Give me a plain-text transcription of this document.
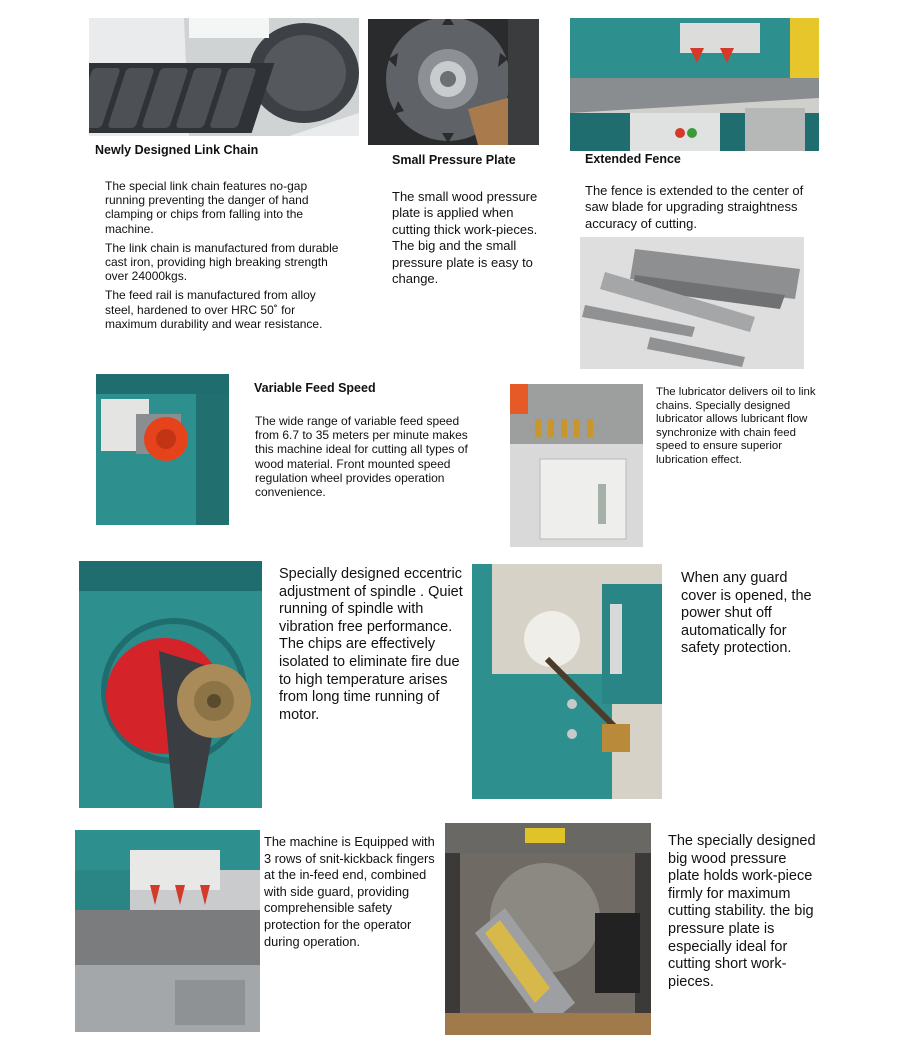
Newly Designed Link Chain

The special link chain features no-gap running preventing the danger of hand clamping or chips from falling into the machine.

The link chain is manufactured from durable cast iron, providing high breaking strength over 24000kgs.

The feed rail is manufactured from alloy steel, hardened to over HRC 50˚ for maximum durability and wear resistance.

Small Pressure Plate
The small wood pressure plate is applied when cutting thick work-pieces. The big and the small pressure plate is easy to change.
Extended Fence
The fence is extended to the center of saw blade for upgrading straightness accuracy of cutting.
Variable Feed Speed
The wide range of variable feed speed from 6.7 to 35 meters per minute makes this machine ideal for cutting all types of wood material. Front mounted speed regulation wheel provides operation convenience.
The lubricator delivers oil to link chains. Specially designed lubricator allows lubricant flow synchronize with chain feed speed to ensure superior lubrication effect.
Specially designed eccentric adjustment of spindle . Quiet running of spindle with vibration free performance. The chips are effectively isolated to eliminate fire due to high temperature arises from long time running of motor.
When any guard cover is opened, the power shut off automatically for safety protection.
The machine is Equipped with 3 rows of snit-kickback fingers at the in-feed end, combined with side guard, providing comprehensible safety protection for the operator during operation.
The specially designed big wood pressure plate holds work-piece firmly for maximum cutting stability. the big pressure plate is especially ideal for cutting short work-pieces.
